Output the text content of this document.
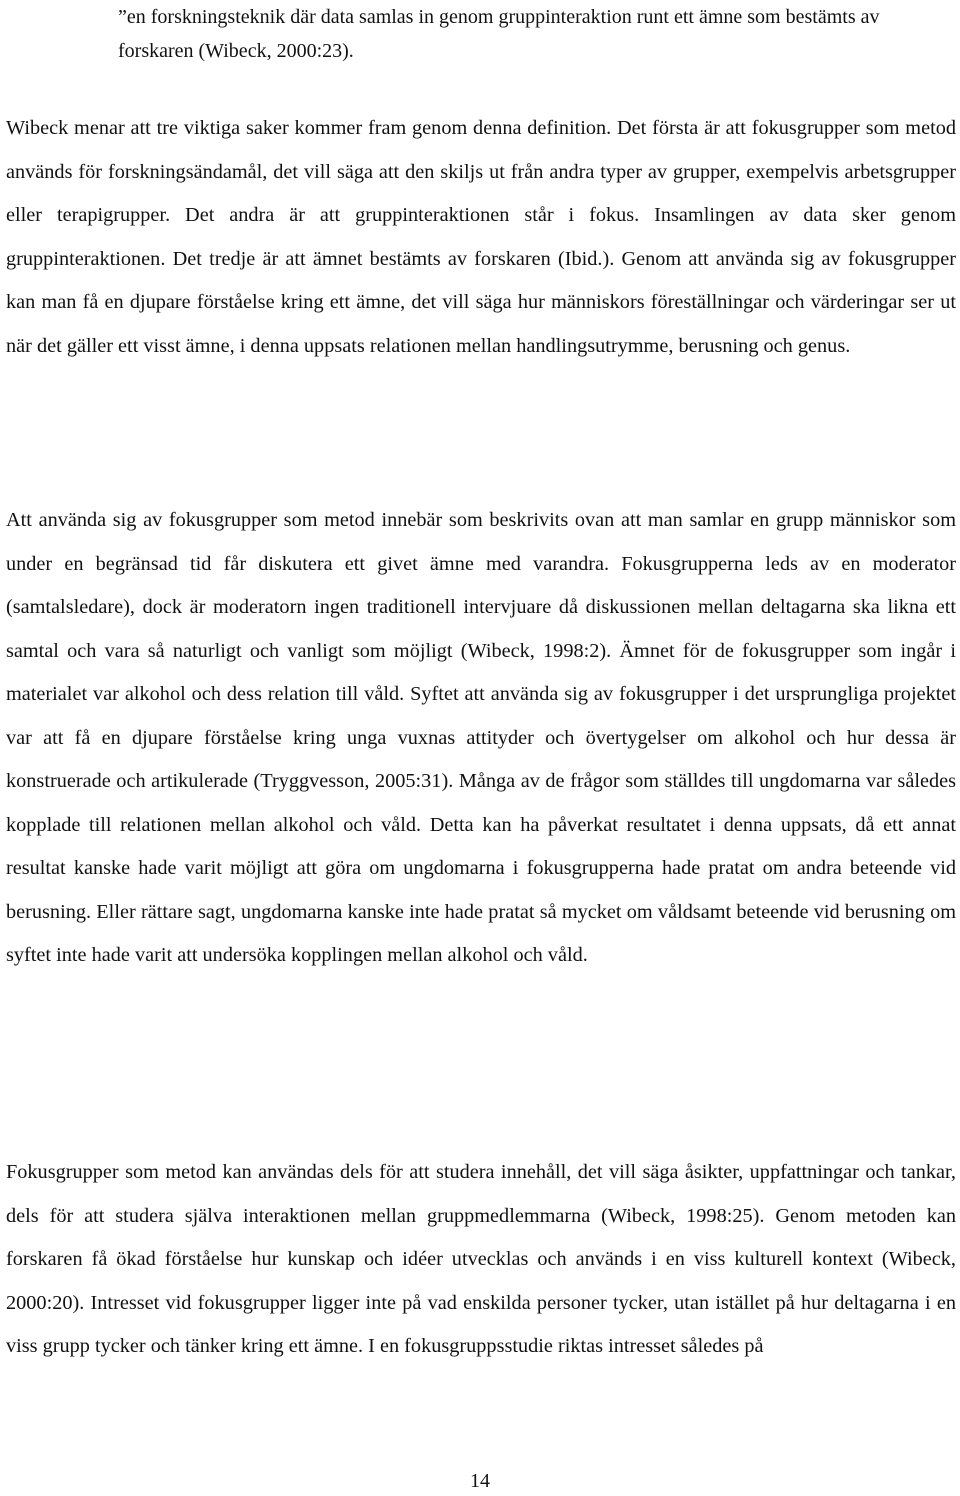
”en forskningsteknik där data samlas in genom gruppinteraktion runt ett ämne som bestämts av forskaren (Wibeck, 2000:23).

Wibeck menar att tre viktiga saker kommer fram genom denna definition. Det första är att fokusgrupper som metod används för forskningsändamål, det vill säga att den skiljs ut från andra typer av grupper, exempelvis arbetsgrupper eller terapigrupper. Det andra är att gruppinteraktionen står i fokus. Insamlingen av data sker genom gruppinteraktionen. Det tredje är att ämnet bestämts av forskaren (Ibid.). Genom att använda sig av fokusgrupper kan man få en djupare förståelse kring ett ämne, det vill säga hur människors föreställningar och värderingar ser ut när det gäller ett visst ämne, i denna uppsats relationen mellan handlingsutrymme, berusning och genus.

Att använda sig av fokusgrupper som metod innebär som beskrivits ovan att man samlar en grupp människor som under en begränsad tid får diskutera ett givet ämne med varandra. Fokusgrupperna leds av en moderator (samtalsledare), dock är moderatorn ingen traditionell intervjuare då diskussionen mellan deltagarna ska likna ett samtal och vara så naturligt och vanligt som möjligt (Wibeck, 1998:2). Ämnet för de fokusgrupper som ingår i materialet var alkohol och dess relation till våld. Syftet att använda sig av fokusgrupper i det ursprungliga projektet var att få en djupare förståelse kring unga vuxnas attityder och övertygelser om alkohol och hur dessa är konstruerade och artikulerade (Tryggvesson, 2005:31). Många av de frågor som ställdes till ungdomarna var således kopplade till relationen mellan alkohol och våld. Detta kan ha påverkat resultatet i denna uppsats, då ett annat resultat kanske hade varit möjligt att göra om ungdomarna i fokusgrupperna hade pratat om andra beteende vid berusning. Eller rättare sagt, ungdomarna kanske inte hade pratat så mycket om våldsamt beteende vid berusning om syftet inte hade varit att undersöka kopplingen mellan alkohol och våld.

Fokusgrupper som metod kan användas dels för att studera innehåll, det vill säga åsikter, uppfattningar och tankar, dels för att studera själva interaktionen mellan gruppmedlemmarna (Wibeck, 1998:25). Genom metoden kan forskaren få ökad förståelse hur kunskap och idéer utvecklas och används i en viss kulturell kontext (Wibeck, 2000:20). Intresset vid fokusgrupper ligger inte på vad enskilda personer tycker, utan istället på hur deltagarna i en viss grupp tycker och tänker kring ett ämne. I en fokusgruppsstudie riktas intresset således på

14
